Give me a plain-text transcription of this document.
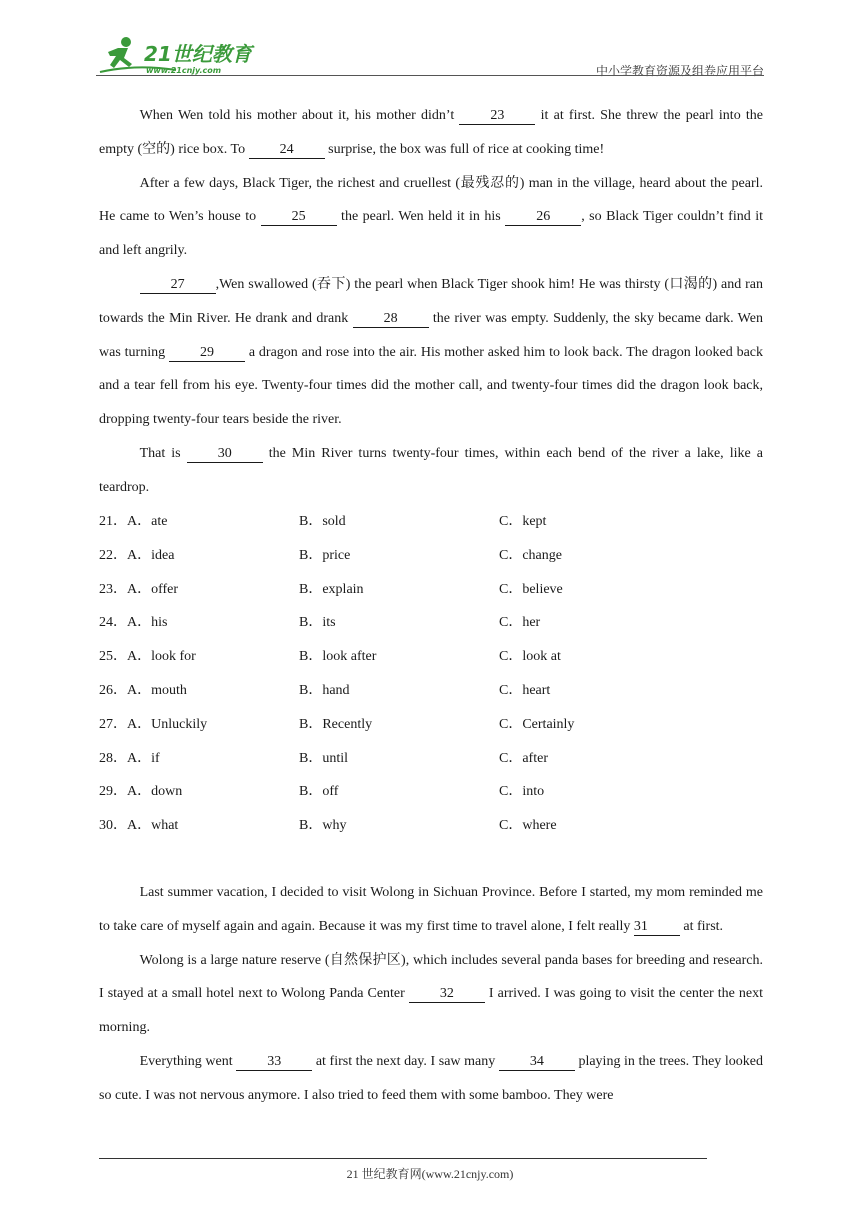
21世纪教育
www.21cnjy.com	中小学教育资源及组卷应用平台

When Wen told his mother about it, his mother didn’t 23 it at first. She threw the pearl into the empty (空的) rice box. To 24 surprise, the box was full of rice at cooking time!

After a few days, Black Tiger, the richest and cruellest (最残忍的) man in the village, heard about the pearl. He came to Wen’s house to 25 the pearl. Wen held it in his 26 , so Black Tiger couldn’t find it and left angrily.

27 ,Wen swallowed (吞下) the pearl when Black Tiger shook him! He was thirsty (口渴的) and ran towards the Min River. He drank and drank 28 the river was empty. Suddenly, the sky became dark. Wen was turning 29 a dragon and rose into the air. His mother asked him to look back. The dragon looked back and a tear fell from his eye. Twenty-four times did the mother call, and twenty-four times did the dragon look back, dropping twenty-four tears beside the river.

That is 30 the Min River turns twenty-four times, within each bend of the river a lake, like a teardrop.

21．A．ate	B．sold	C．kept
22．A．idea	B．price	C．change
23．A．offer	B．explain	C．believe
24．A．his	B．its	C．her
25．A．look for	B．look after	C．look at
26．A．mouth	B．hand	C．heart
27．A．Unluckily	B．Recently	C．Certainly
28．A．if	B．until	C．after
29．A．down	B．off	C．into
30．A．what	B．why	C．where

Last summer vacation, I decided to visit Wolong in Sichuan Province. Before I started, my mom reminded me to take care of myself again and again. Because it was my first time to travel alone, I felt really 31 at first.

Wolong is a large nature reserve (自然保护区), which includes several panda bases for breeding and research. I stayed at a small hotel next to Wolong Panda Center 32 I arrived. I was going to visit the center the next morning.

Everything went 33 at first the next day. I saw many 34 playing in the trees. They looked so cute. I was not nervous anymore. I also tried to feed them with some bamboo. They were

21 世纪教育网(www.21cnjy.com)
